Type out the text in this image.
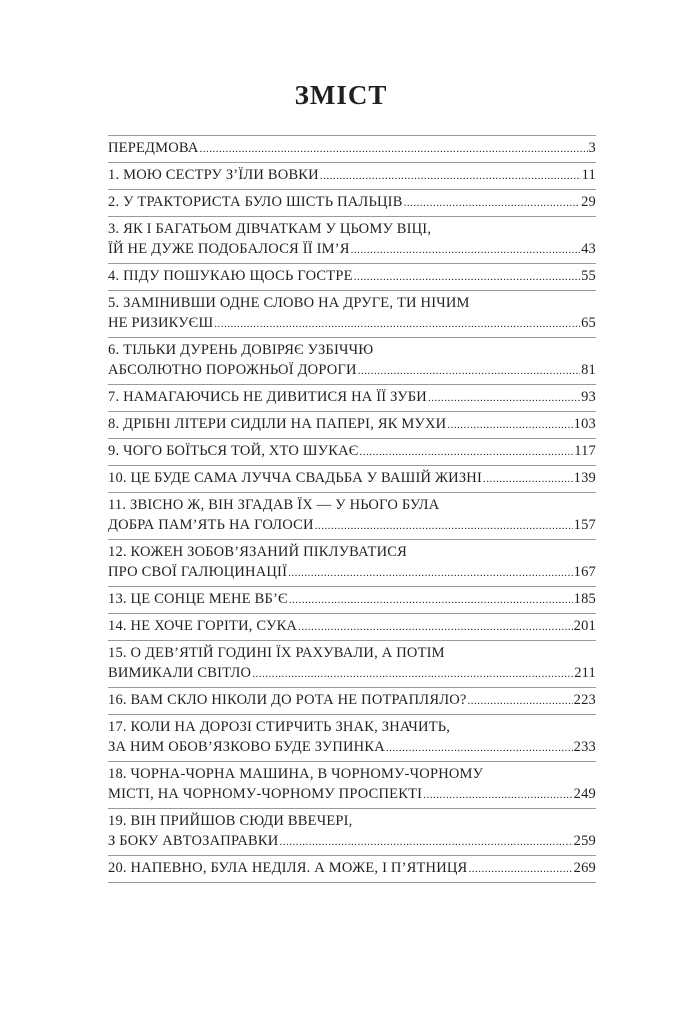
ЗМІСТ
ПЕРЕДМОВА .....	3
1. МОЮ СЕСТРУ З’ЇЛИ ВОВКИ .....	11
2. У ТРАКТОРИСТА БУЛО ШІСТЬ ПАЛЬЦІВ .....	29
3. ЯК І БАГАТЬОМ ДІВЧАТКАМ У ЦЬОМУ ВІЦІ,
ЇЙ НЕ ДУЖЕ ПОДОБАЛОСЯ ЇЇ ІМ’Я .....	43
4. ПІДУ ПОШУКАЮ ЩОСЬ ГОСТРЕ .....	55
5. ЗАМІНИВШИ ОДНЕ СЛОВО НА ДРУГЕ, ТИ НІЧИМ
НЕ РИЗИКУЄШ .....	65
6. ТІЛЬКИ ДУРЕНЬ ДОВІРЯЄ УЗБІЧЧЮ
АБСОЛЮТНО ПОРОЖНЬОЇ ДОРОГИ .....	81
7. НАМАГАЮЧИСЬ НЕ ДИВИТИСЯ НА ЇЇ ЗУБИ .....	93
8. ДРІБНІ ЛІТЕРИ СИДІЛИ НА ПАПЕРІ, ЯК МУХИ .....	103
9. ЧОГО БОЇТЬСЯ ТОЙ, ХТО ШУКАЄ .....	117
10. ЦЕ БУДЕ САМА ЛУЧЧА СВАДЬБА У ВАШІЙ ЖИЗНІ .....	139
11. ЗВІСНО Ж, ВІН ЗГАДАВ ЇХ — У НЬОГО БУЛА
ДОБРА ПАМ’ЯТЬ НА ГОЛОСИ .....	157
12. КОЖЕН ЗОБОВ’ЯЗАНИЙ ПІКЛУВАТИСЯ
ПРО СВОЇ ГАЛЮЦИНАЦІЇ .....	167
13. ЦЕ СОНЦЕ МЕНЕ ВБ’Є .....	185
14. НЕ ХОЧЕ ГОРІТИ, СУКА .....	201
15. О ДЕВ’ЯТІЙ ГОДИНІ ЇХ РАХУВАЛИ, А ПОТІМ
ВИМИКАЛИ СВІТЛО .....	211
16. ВАМ СКЛО НІКОЛИ ДО РОТА НЕ ПОТРАПЛЯЛО? .....	223
17. КОЛИ НА ДОРОЗІ СТИРЧИТЬ ЗНАК, ЗНАЧИТЬ,
ЗА НИМ ОБОВ’ЯЗКОВО БУДЕ ЗУПИНКА .....	233
18. ЧОРНА-ЧОРНА МАШИНА, В ЧОРНОМУ-ЧОРНОМУ
МІСТІ, НА ЧОРНОМУ-ЧОРНОМУ ПРОСПЕКТІ .....	249
19. ВІН ПРИЙШОВ СЮДИ ВВЕЧЕРІ,
З БОКУ АВТОЗАПРАВКИ .....	259
20. НАПЕВНО, БУЛА НЕДІЛЯ. А МОЖЕ, І П’ЯТНИЦЯ .....	269
